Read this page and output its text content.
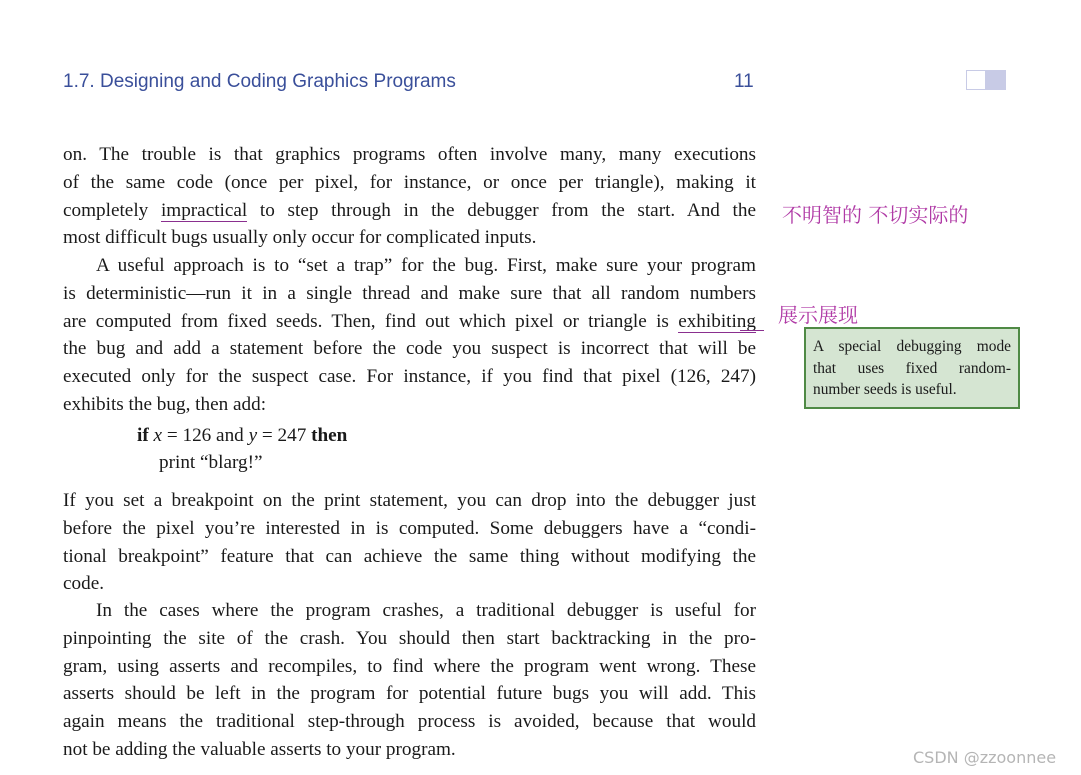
1.7. Designing and Coding Graphics Programs	11
on. The trouble is that graphics programs often involve many, many executions
of the same code (once per pixel, for instance, or once per triangle), making it
completely impractical to step through in the debugger from the start. And the
most difficult bugs usually only occur for complicated inputs.
A useful approach is to “set a trap” for the bug. First, make sure your program
is deterministic—run it in a single thread and make sure that all random numbers
are computed from fixed seeds. Then, find out which pixel or triangle is exhibiting
the bug and add a statement before the code you suspect is incorrect that will be
executed only for the suspect case. For instance, if you find that pixel (126, 247)
exhibits the bug, then add:
if x = 126 and y = 247 then
print “blarg!”
If you set a breakpoint on the print statement, you can drop into the debugger just
before the pixel you’re interested in is computed. Some debuggers have a “condi-
tional breakpoint” feature that can achieve the same thing without modifying the
code.
In the cases where the program crashes, a traditional debugger is useful for
pinpointing the site of the crash. You should then start backtracking in the pro-
gram, using asserts and recompiles, to find where the program went wrong. These
asserts should be left in the program for potential future bugs you will add. This
again means the traditional step-through process is avoided, because that would
not be adding the valuable asserts to your program.
不明智的 不切实际的
展示展现
A special debugging mode
that uses fixed random-
number seeds is useful.
CSDN @zzoonnee
